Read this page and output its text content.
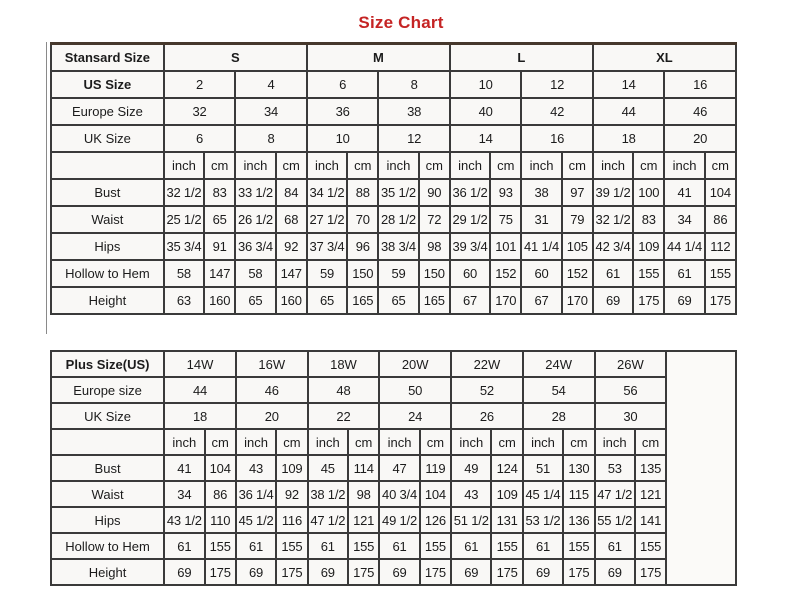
Size Chart
Stansard Size	S				M				L				XL			
US Size	2		4		6		8		10		12		14		16	
Europe Size	32		34		36		38		40		42		44		46	
UK Size	6		8		10		12		14		16		18		20	
	inch	cm	inch	cm	inch	cm	inch	cm	inch	cm	inch	cm	inch	cm	inch	cm
Bust	32 1/2	83	33 1/2	84	34 1/2	88	35 1/2	90	36 1/2	93	38	97	39 1/2	100	41	104
Waist	25 1/2	65	26 1/2	68	27 1/2	70	28 1/2	72	29 1/2	75	31	79	32 1/2	83	34	86
Hips	35 3/4	91	36 3/4	92	37 3/4	96	38 3/4	98	39 3/4	101	41 1/4	105	42 3/4	109	44 1/4	112
Hollow to Hem	58	147	58	147	59	150	59	150	60	152	60	152	61	155	61	155
Height	63	160	65	160	65	165	65	165	67	170	67	170	69	175	69	175
Plus Size(US)	14W		16W		18W		20W		22W		24W		26W		
Europe size	44		46		48		50		52		54		56		
UK Size	18		20		22		24		26		28		30		
	inch	cm	inch	cm	inch	cm	inch	cm	inch	cm	inch	cm	inch	cm	
Bust	41	104	43	109	45	114	47	119	49	124	51	130	53	135	
Waist	34	86	36 1/4	92	38 1/2	98	40 3/4	104	43	109	45 1/4	115	47 1/2	121	
Hips	43 1/2	110	45 1/2	116	47 1/2	121	49 1/2	126	51 1/2	131	53 1/2	136	55 1/2	141	
Hollow to Hem	61	155	61	155	61	155	61	155	61	155	61	155	61	155	
Height	69	175	69	175	69	175	69	175	69	175	69	175	69	175	
